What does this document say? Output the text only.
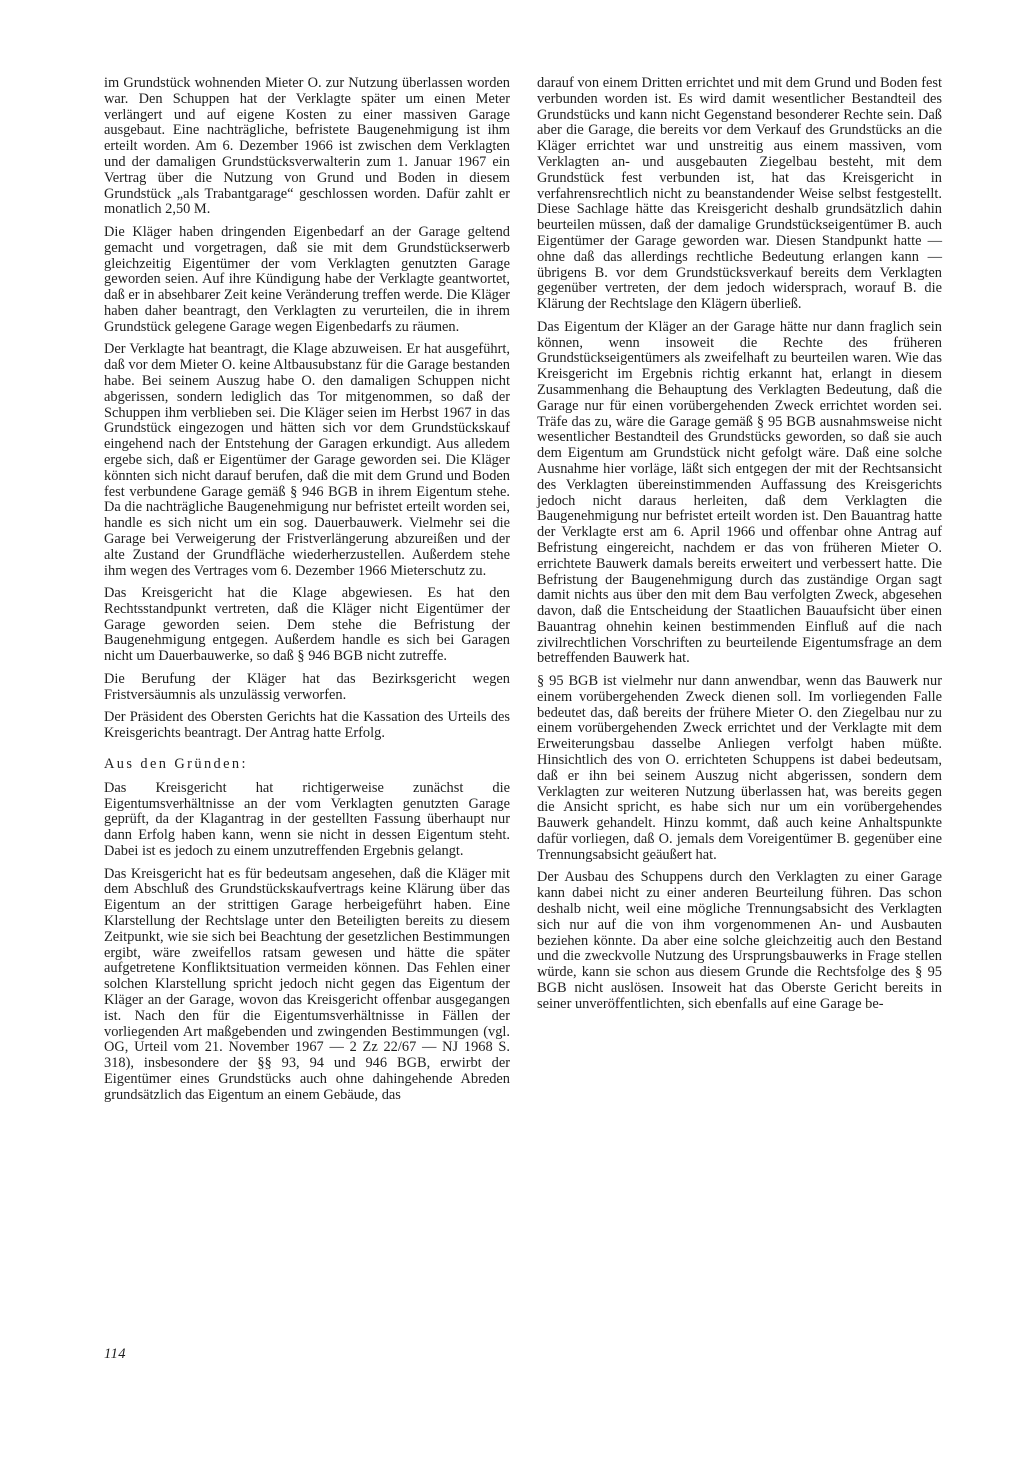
im Grundstück wohnenden Mieter O. zur Nutzung überlassen worden war. Den Schuppen hat der Verklagte später um einen Meter verlängert und auf eigene Kosten zu einer massiven Garage ausgebaut. Eine nachträgliche, befristete Baugenehmigung ist ihm erteilt worden. Am 6. Dezember 1966 ist zwischen dem Verklagten und der damaligen Grundstücksverwalterin zum 1. Januar 1967 ein Vertrag über die Nutzung von Grund und Boden in diesem Grundstück „als Trabantgarage“ geschlossen worden. Dafür zahlt er monatlich 2,50 M.

Die Kläger haben dringenden Eigenbedarf an der Garage geltend gemacht und vorgetragen, daß sie mit dem Grundstückserwerb gleichzeitig Eigentümer der vom Verklagten genutzten Garage geworden seien. Auf ihre Kündigung habe der Verklagte geantwortet, daß er in absehbarer Zeit keine Veränderung treffen werde. Die Kläger haben daher beantragt, den Verklagten zu verurteilen, die in ihrem Grundstück gelegene Garage wegen Eigenbedarfs zu räumen.

Der Verklagte hat beantragt, die Klage abzuweisen. Er hat ausgeführt, daß vor dem Mieter O. keine Altbausubstanz für die Garage bestanden habe. Bei seinem Auszug habe O. den damaligen Schuppen nicht abgerissen, sondern lediglich das Tor mitgenommen, so daß der Schuppen ihm verblieben sei. Die Kläger seien im Herbst 1967 in das Grundstück eingezogen und hätten sich vor dem Grundstückskauf eingehend nach der Entstehung der Garagen erkundigt. Aus alledem ergebe sich, daß er Eigentümer der Garage geworden sei. Die Kläger könnten sich nicht darauf berufen, daß die mit dem Grund und Boden fest verbundene Garage gemäß § 946 BGB in ihrem Eigentum stehe. Da die nachträgliche Baugenehmigung nur befristet erteilt worden sei, handle es sich nicht um ein sog. Dauerbauwerk. Vielmehr sei die Garage bei Verweigerung der Fristverlängerung abzureißen und der alte Zustand der Grundfläche wiederherzustellen. Außerdem stehe ihm wegen des Vertrages vom 6. Dezember 1966 Mieterschutz zu.

Das Kreisgericht hat die Klage abgewiesen. Es hat den Rechtsstandpunkt vertreten, daß die Kläger nicht Eigentümer der Garage geworden seien. Dem stehe die Befristung der Baugenehmigung entgegen. Außerdem handle es sich bei Garagen nicht um Dauerbauwerke, so daß § 946 BGB nicht zutreffe.

Die Berufung der Kläger hat das Bezirksgericht wegen Fristversäumnis als unzulässig verworfen.

Der Präsident des Obersten Gerichts hat die Kassation des Urteils des Kreisgerichts beantragt. Der Antrag hatte Erfolg.

Aus den Gründen:

Das Kreisgericht hat richtigerweise zunächst die Eigentumsverhältnisse an der vom Verklagten genutzten Garage geprüft, da der Klagantrag in der gestellten Fassung überhaupt nur dann Erfolg haben kann, wenn sie nicht in dessen Eigentum steht. Dabei ist es jedoch zu einem unzutreffenden Ergebnis gelangt.

Das Kreisgericht hat es für bedeutsam angesehen, daß die Kläger mit dem Abschluß des Grundstückskaufvertrags keine Klärung über das Eigentum an der strittigen Garage herbeigeführt haben. Eine Klarstellung der Rechtslage unter den Beteiligten bereits zu diesem Zeitpunkt, wie sie sich bei Beachtung der gesetzlichen Bestimmungen ergibt, wäre zweifellos ratsam gewesen und hätte die später aufgetretene Konfliktsituation vermeiden können. Das Fehlen einer solchen Klarstellung spricht jedoch nicht gegen das Eigentum der Kläger an der Garage, wovon das Kreisgericht offenbar ausgegangen ist. Nach den für die Eigentumsverhältnisse in Fällen der vorliegenden Art maßgebenden und zwingenden Bestimmungen (vgl. OG, Urteil vom 21. November 1967 — 2 Zz 22/67 — NJ 1968 S. 318), insbesondere der §§ 93, 94 und 946 BGB, erwirbt der Eigentümer eines Grundstücks auch ohne dahingehende Abreden grundsätzlich das Eigentum an einem Gebäude, das

darauf von einem Dritten errichtet und mit dem Grund und Boden fest verbunden worden ist. Es wird damit wesentlicher Bestandteil des Grundstücks und kann nicht Gegenstand besonderer Rechte sein. Daß aber die Garage, die bereits vor dem Verkauf des Grundstücks an die Kläger errichtet war und unstreitig aus einem massiven, vom Verklagten an- und ausgebauten Ziegelbau besteht, mit dem Grundstück fest verbunden ist, hat das Kreisgericht in verfahrensrechtlich nicht zu beanstandender Weise selbst festgestellt. Diese Sachlage hätte das Kreisgericht deshalb grundsätzlich dahin beurteilen müssen, daß der damalige Grundstückseigentümer B. auch Eigentümer der Garage geworden war. Diesen Standpunkt hatte — ohne daß das allerdings rechtliche Bedeutung erlangen kann — übrigens B. vor dem Grundstücksverkauf bereits dem Verklagten gegenüber vertreten, der dem jedoch widersprach, worauf B. die Klärung der Rechtslage den Klägern überließ.

Das Eigentum der Kläger an der Garage hätte nur dann fraglich sein können, wenn insoweit die Rechte des früheren Grundstückseigentümers als zweifelhaft zu beurteilen waren. Wie das Kreisgericht im Ergebnis richtig erkannt hat, erlangt in diesem Zusammenhang die Behauptung des Verklagten Bedeutung, daß die Garage nur für einen vorübergehenden Zweck errichtet worden sei. Träfe das zu, wäre die Garage gemäß § 95 BGB ausnahmsweise nicht wesentlicher Bestandteil des Grundstücks geworden, so daß sie auch dem Eigentum am Grundstück nicht gefolgt wäre. Daß eine solche Ausnahme hier vorläge, läßt sich entgegen der mit der Rechtsansicht des Verklagten übereinstimmenden Auffassung des Kreisgerichts jedoch nicht daraus herleiten, daß dem Verklagten die Baugenehmigung nur befristet erteilt worden ist. Den Bauantrag hatte der Verklagte erst am 6. April 1966 und offenbar ohne Antrag auf Befristung eingereicht, nachdem er das von früheren Mieter O. errichtete Bauwerk damals bereits erweitert und verbessert hatte. Die Befristung der Baugenehmigung durch das zuständige Organ sagt damit nichts aus über den mit dem Bau verfolgten Zweck, abgesehen davon, daß die Entscheidung der Staatlichen Bauaufsicht über einen Bauantrag ohnehin keinen bestimmenden Einfluß auf die nach zivilrechtlichen Vorschriften zu beurteilende Eigentumsfrage an dem betreffenden Bauwerk hat.

§ 95 BGB ist vielmehr nur dann anwendbar, wenn das Bauwerk nur einem vorübergehenden Zweck dienen soll. Im vorliegenden Falle bedeutet das, daß bereits der frühere Mieter O. den Ziegelbau nur zu einem vorübergehenden Zweck errichtet und der Verklagte mit dem Erweiterungsbau dasselbe Anliegen verfolgt haben müßte. Hinsichtlich des von O. errichteten Schuppens ist dabei bedeutsam, daß er ihn bei seinem Auszug nicht abgerissen, sondern dem Verklagten zur weiteren Nutzung überlassen hat, was bereits gegen die Ansicht spricht, es habe sich nur um ein vorübergehendes Bauwerk gehandelt. Hinzu kommt, daß auch keine Anhaltspunkte dafür vorliegen, daß O. jemals dem Voreigentümer B. gegenüber eine Trennungsabsicht geäußert hat.

Der Ausbau des Schuppens durch den Verklagten zu einer Garage kann dabei nicht zu einer anderen Beurteilung führen. Das schon deshalb nicht, weil eine mögliche Trennungsabsicht des Verklagten sich nur auf die von ihm vorgenommenen An- und Ausbauten beziehen könnte. Da aber eine solche gleichzeitig auch den Bestand und die zweckvolle Nutzung des Ursprungsbauwerks in Frage stellen würde, kann sie schon aus diesem Grunde die Rechtsfolge des § 95 BGB nicht auslösen. Insoweit hat das Oberste Gericht bereits in seiner unveröffentlichten, sich ebenfalls auf eine Garage be-

114
